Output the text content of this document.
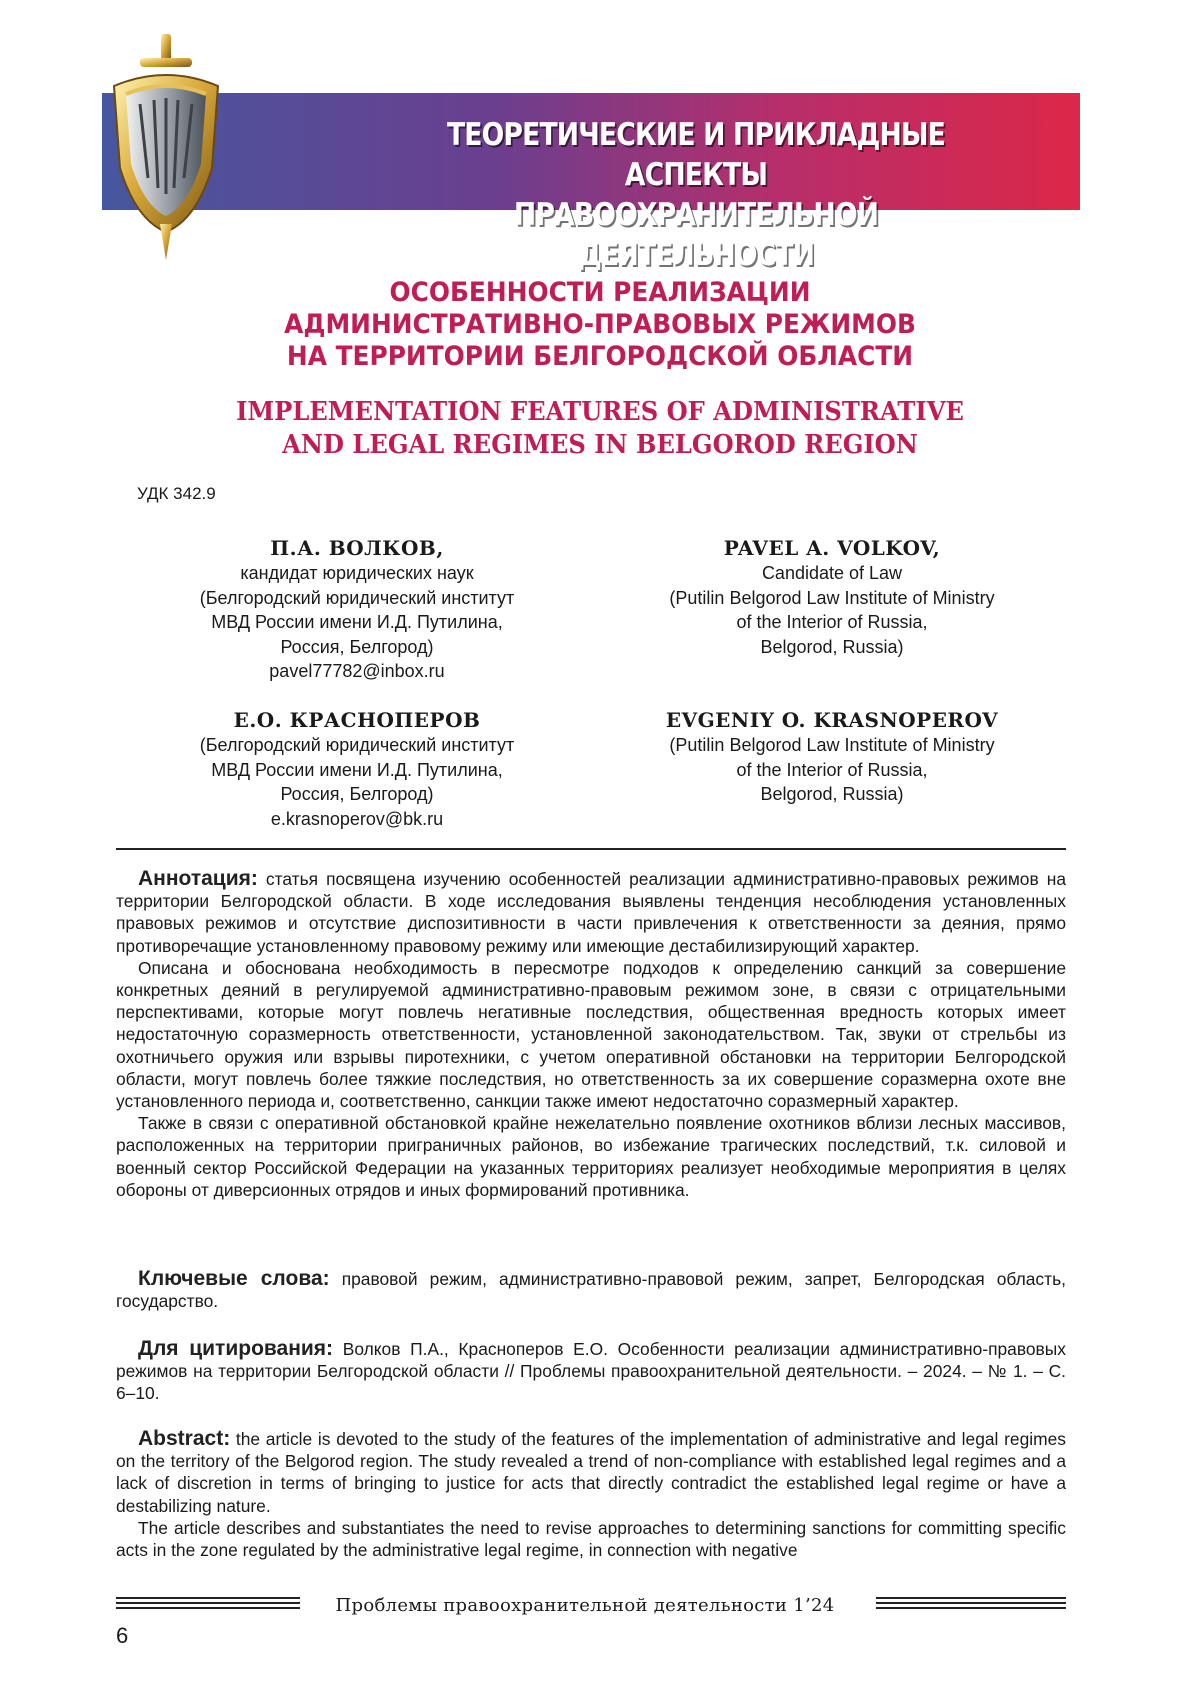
ТЕОРЕТИЧЕСКИЕ И ПРИКЛАДНЫЕ АСПЕКТЫ
ПРАВООХРАНИТЕЛЬНОЙ ДЕЯТЕЛЬНОСТИ
ОСОБЕННОСТИ РЕАЛИЗАЦИИ
АДМИНИСТРАТИВНО-ПРАВОВЫХ РЕЖИМОВ
НА ТЕРРИТОРИИ БЕЛГОРОДСКОЙ ОБЛАСТИ
IMPLEMENTATION FEATURES OF ADMINISTRATIVE
AND LEGAL REGIMES IN BELGOROD REGION
УДК 342.9
П.А. ВОЛКОВ,
кандидат юридических наук
(Белгородский юридический институт
МВД России имени И.Д. Путилина,
Россия, Белгород)
pavel77782@inbox.ru
Е.О. КРАСНОПЕРОВ
(Белгородский юридический институт
МВД России имени И.Д. Путилина,
Россия, Белгород)
e.krasnoperov@bk.ru
PAVEL A. VOLKOV,
Candidate of Law
(Putilin Belgorod Law Institute of Ministry
of the Interior of Russia,
Belgorod, Russia)
EVGENIY O. KRASNOPEROV
(Putilin Belgorod Law Institute of Ministry
of the Interior of Russia,
Belgorod, Russia)

Аннотация: статья посвящена изучению особенностей реализации административно-правовых режимов на территории Белгородской области. В ходе исследования выявлены тенденция несоблюдения установленных правовых режимов и отсутствие диспозитивности в части привлечения к ответственности за деяния, прямо противоречащие установленному правовому режиму или имеющие дестабилизирующий характер.

Описана и обоснована необходимость в пересмотре подходов к определению санкций за совершение конкретных деяний в регулируемой административно-правовым режимом зоне, в связи с отрицательными перспективами, которые могут повлечь негативные последствия, общественная вредность которых имеет недостаточную соразмерность ответственности, установленной законодательством. Так, звуки от стрельбы из охотничьего оружия или взрывы пиротехники, с учетом оперативной обстановки на территории Белгородской области, могут повлечь более тяжкие последствия, но ответственность за их совершение соразмерна охоте вне установленного периода и, соответственно, санкции также имеют недостаточно соразмерный характер.

Также в связи с оперативной обстановкой крайне нежелательно появление охотников вблизи лесных массивов, расположенных на территории приграничных районов, во избежание трагических последствий, т.к. силовой и военный сектор Российской Федерации на указанных территориях реализует необходимые мероприятия в целях обороны от диверсионных отрядов и иных формирований противника.

Ключевые слова: правовой режим, административно-правовой режим, запрет, Белгородская область, государство.

Для цитирования: Волков П.А., Красноперов Е.О. Особенности реализации административно-правовых режимов на территории Белгородской области // Проблемы правоохранительной деятельности. – 2024. – № 1. – С. 6–10.

Abstract: the article is devoted to the study of the features of the implementation of administrative and legal regimes on the territory of the Belgorod region. The study revealed a trend of non-compliance with established legal regimes and a lack of discretion in terms of bringing to justice for acts that directly contradict the established legal regime or have a destabilizing nature.

The article describes and substantiates the need to revise approaches to determining sanctions for committing specific acts in the zone regulated by the administrative legal regime, in connection with negative

Проблемы правоохранительной деятельности 1’24
6
